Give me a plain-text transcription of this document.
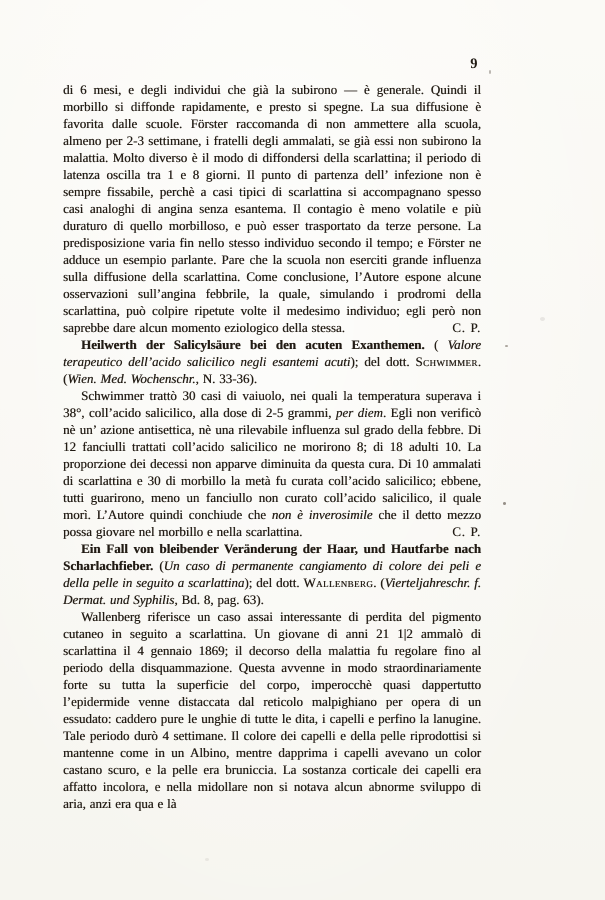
9

di 6 mesi, e degli individui che già la subirono — è generale. Quindi il morbillo si diffonde rapidamente, e presto si spegne. La sua diffusione è favorita dalle scuole. Förster raccomanda di non ammettere alla scuola, almeno per 2-3 settimane, i fratelli degli ammalati, se già essi non subirono la malattia. Molto diverso è il modo di diffondersi della scarlattina; il periodo di latenza oscilla tra 1 e 8 giorni. Il punto di partenza dell’ infezione non è sempre fissabile, perchè a casi tipici di scarlattina si accompagnano spesso casi analoghi di angina senza esantema. Il contagio è meno volatile e più duraturo di quello morbilloso, e può esser trasportato da terze persone. La predisposizione varia fin nello stesso individuo secondo il tempo; e Förster ne adduce un esempio parlante. Pare che la scuola non eserciti grande influenza sulla diffusione della scarlattina. Come conclusione, l’Autore espone alcune osservazioni sull’angina febbrile, la quale, simulando i prodromi della scarlattina, può colpire ripetute volte il medesimo individuo; egli però non saprebbe dare alcun momento eziologico della stessa.	C. P.

Heilwerth der Salicylsäure bei den acuten Exanthemen. ( Valore terapeutico dell’acido salicilico negli esantemi acuti); del dott. Schwimmer. (Wien. Med. Wochenschr., N. 33-36).

Schwimmer trattò 30 casi di vaiuolo, nei quali la temperatura superava i 38°, coll’acido salicilico, alla dose di 2-5 grammi, per diem. Egli non verificò nè un’ azione antisettica, nè una rilevabile influenza sul grado della febbre. Di 12 fanciulli trattati coll’acido salicilico ne morirono 8; di 18 adulti 10. La proporzione dei decessi non apparve diminuita da questa cura. Di 10 ammalati di scarlattina e 30 di morbillo la metà fu curata coll’acido salicilico; ebbene, tutti guarirono, meno un fanciullo non curato coll’acido salicilico, il quale morì. L’Autore quindi conchiude che non è inverosimile che il detto mezzo possa giovare nel morbillo e nella scarlattina.	C. P.

Ein Fall von bleibender Veränderung der Haar, und Hautfarbe nach Scharlachfieber. (Un caso di permanente cangiamento di colore dei peli e della pelle in seguito a scarlattina); del dott. Wallenberg. (Vierteljahreschr. f. Dermat. und Syphilis, Bd. 8, pag. 63).

Wallenberg riferisce un caso assai interessante di perdita del pigmento cutaneo in seguito a scarlattina. Un giovane di anni 21 1|2 ammalò di scarlattina il 4 gennaio 1869; il decorso della malattia fu regolare fino al periodo della disquammazione. Questa avvenne in modo straordinariamente forte su tutta la superficie del corpo, imperocchè quasi dappertutto l’epidermide venne distaccata dal reticolo malpighiano per opera di un essudato: caddero pure le unghie di tutte le dita, i capelli e perfino la lanugine. Tale periodo durò 4 settimane. Il colore dei capelli e della pelle riprodottisi si mantenne come in un Albino, mentre dapprima i capelli avevano un color castano scuro, e la pelle era bruniccia. La sostanza corticale dei capelli era affatto incolora, e nella midollare non si notava alcun abnorme sviluppo di aria, anzi era qua e là
